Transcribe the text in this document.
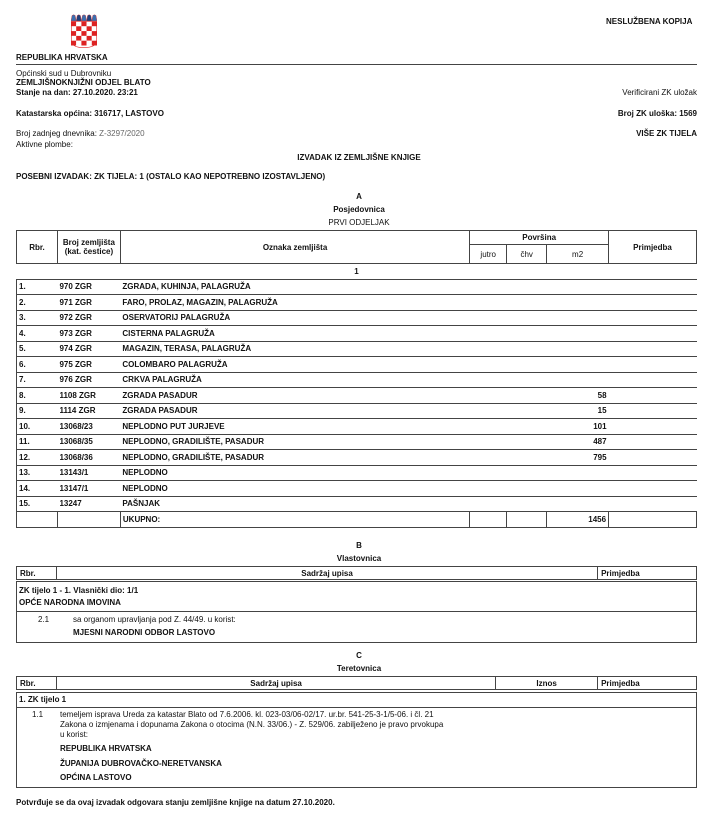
NESLUŽBENA KOPIJA
REPUBLIKA HRVATSKA
Općinski sud u Dubrovniku
ZEMLJIŠNOKNJIŽNI ODJEL BLATO
Stanje na dan: 27.10.2020. 23:21	Verificirani ZK uložak
Katastarska općina: 316717, LASTOVO	Broj ZK uloška: 1569
Broj zadnjeg dnevnika: Z-3297/2020	VIŠE ZK TIJELA
Aktivne plombe:
IZVADAK IZ ZEMLJIŠNE KNJIGE
POSEBNI IZVADAK: ZK TIJELA: 1 (OSTALO KAO NEPOTREBNO IZOSTAVLJENO)
A
Posjedovnica
PRVI ODJELJAK
Rbr.	Broj zemljišta
(kat. čestice)	Oznaka zemljišta	Površina			Primjedba
			jutro	čhv	m2	
1						
1.	970 ZGR	ZGRADA, KUHINJA, PALAGRUŽA				
2.	971 ZGR	FARO, PROLAZ, MAGAZIN, PALAGRUŽA				
3.	972 ZGR	OSERVATORIJ PALAGRUŽA				
4.	973 ZGR	CISTERNA PALAGRUŽA				
5.	974 ZGR	MAGAZIN, TERASA, PALAGRUŽA				
6.	975 ZGR	COLOMBARO PALAGRUŽA				
7.	976 ZGR	CRKVA PALAGRUŽA				
8.	1108 ZGR	ZGRADA PASADUR			58	
9.	1114 ZGR	ZGRADA PASADUR			15	
10.	13068/23	NEPLODNO PUT JURJEVE			101	
11.	13068/35	NEPLODNO, GRADILIŠTE, PASADUR			487	
12.	13068/36	NEPLODNO, GRADILIŠTE, PASADUR			795	
13.	13143/1	NEPLODNO				
14.	13147/1	NEPLODNO				
15.	13247	PAŠNJAK				
		UKUPNO:			1456	
B
Vlastovnica
Rbr.	Sadržaj upisa	Primjedba
ZK tijelo 1 - 1. Vlasnički dio: 1/1
OPĆE NARODNA IMOVINA
2.1	sa organom upravljanja pod Z. 44/49. u korist:
MJESNI NARODNI ODBOR LASTOVO
C
Teretovnica
Rbr.	Sadržaj upisa	Iznos	Primjedba
1. ZK tijelo 1
1.1 temeljem isprava Ureda za katastar Blato od 7.6.2006. kl. 023-03/06-02/17. ur.br. 541-25-3-1/5-06. i čl. 21
Zakona o izmjenama i dopunama Zakona o otocima (N.N. 33/06.) - Z. 529/06. zabilježeno je pravo prvokupa
u korist:
REPUBLIKA HRVATSKA
ŽUPANIJA DUBROVAČKO-NERETVANSKA
OPĆINA LASTOVO
Potvrđuje se da ovaj izvadak odgovara stanju zemljišne knjige na datum 27.10.2020.
